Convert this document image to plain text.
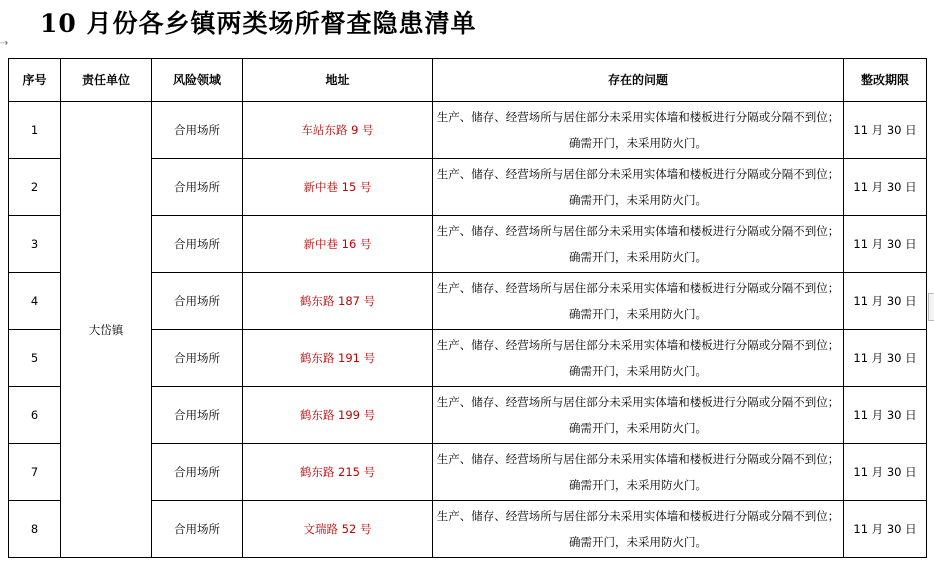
10 月份各乡镇两类场所督查隐患清单
⇢
序号	责任单位	风险领域	地址	存在的问题	整改期限
1	大岱镇	合用场所	车站东路 9 号	生产、储存、经营场所与居住部分未采用实体墙和楼板进行分隔或分隔不到位；确需开门，未采用防火门。	11 月 30 日
2		合用场所	新中巷 15 号	生产、储存、经营场所与居住部分未采用实体墙和楼板进行分隔或分隔不到位；确需开门，未采用防火门。	11 月 30 日
3		合用场所	新中巷 16 号	生产、储存、经营场所与居住部分未采用实体墙和楼板进行分隔或分隔不到位；确需开门，未采用防火门。	11 月 30 日
4		合用场所	鹤东路 187 号	生产、储存、经营场所与居住部分未采用实体墙和楼板进行分隔或分隔不到位；确需开门，未采用防火门。	11 月 30 日
5		合用场所	鹤东路 191 号	生产、储存、经营场所与居住部分未采用实体墙和楼板进行分隔或分隔不到位；确需开门，未采用防火门。	11 月 30 日
6		合用场所	鹤东路 199 号	生产、储存、经营场所与居住部分未采用实体墙和楼板进行分隔或分隔不到位；确需开门，未采用防火门。	11 月 30 日
7		合用场所	鹤东路 215 号	生产、储存、经营场所与居住部分未采用实体墙和楼板进行分隔或分隔不到位；确需开门，未采用防火门。	11 月 30 日
8		合用场所	文瑞路 52 号	生产、储存、经营场所与居住部分未采用实体墙和楼板进行分隔或分隔不到位；确需开门，未采用防火门。	11 月 30 日
